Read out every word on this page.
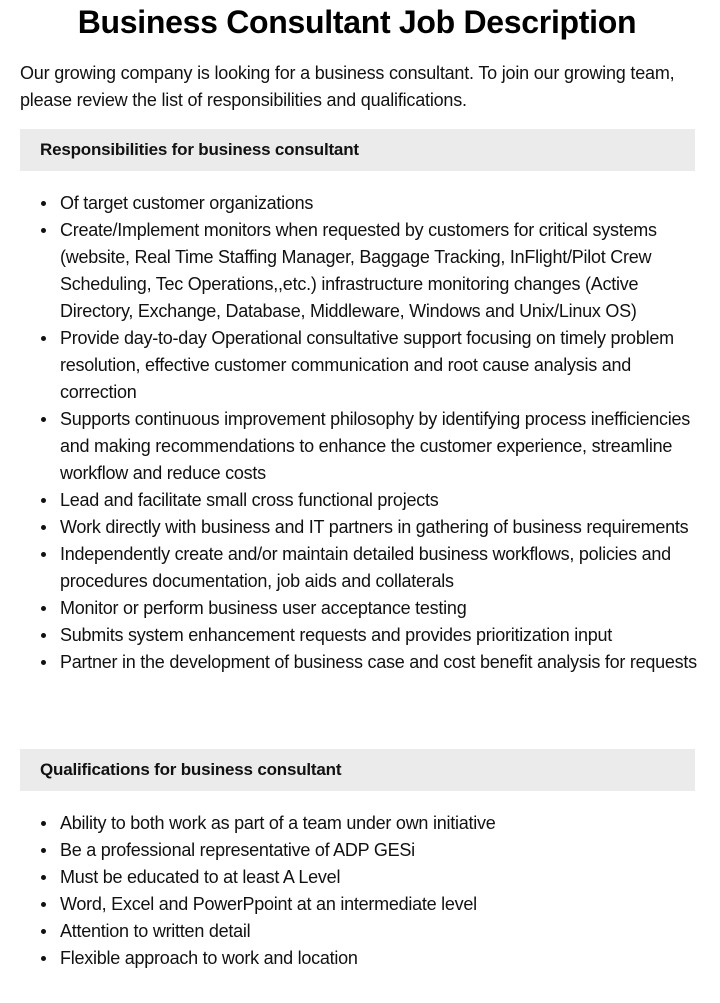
Business Consultant Job Description

Our growing company is looking for a business consultant. To join our growing team, please review the list of responsibilities and qualifications.

Responsibilities for business consultant
Of target customer organizations
Create/Implement monitors when requested by customers for critical systems (website, Real Time Staffing Manager, Baggage Tracking, InFlight/Pilot Crew Scheduling, Tec Operations,,etc.) infrastructure monitoring changes (Active Directory, Exchange, Database, Middleware, Windows and Unix/Linux OS)
Provide day-to-day Operational consultative support focusing on timely problem resolution, effective customer communication and root cause analysis and correction
Supports continuous improvement philosophy by identifying process inefficiencies and making recommendations to enhance the customer experience, streamline workflow and reduce costs
Lead and facilitate small cross functional projects
Work directly with business and IT partners in gathering of business requirements
Independently create and/or maintain detailed business workflows, policies and procedures documentation, job aids and collaterals
Monitor or perform business user acceptance testing
Submits system enhancement requests and provides prioritization input
Partner in the development of business case and cost benefit analysis for requests
Qualifications for business consultant
Ability to both work as part of a team under own initiative
Be a professional representative of ADP GESi
Must be educated to at least A Level
Word, Excel and PowerPpoint at an intermediate level
Attention to written detail
Flexible approach to work and location
